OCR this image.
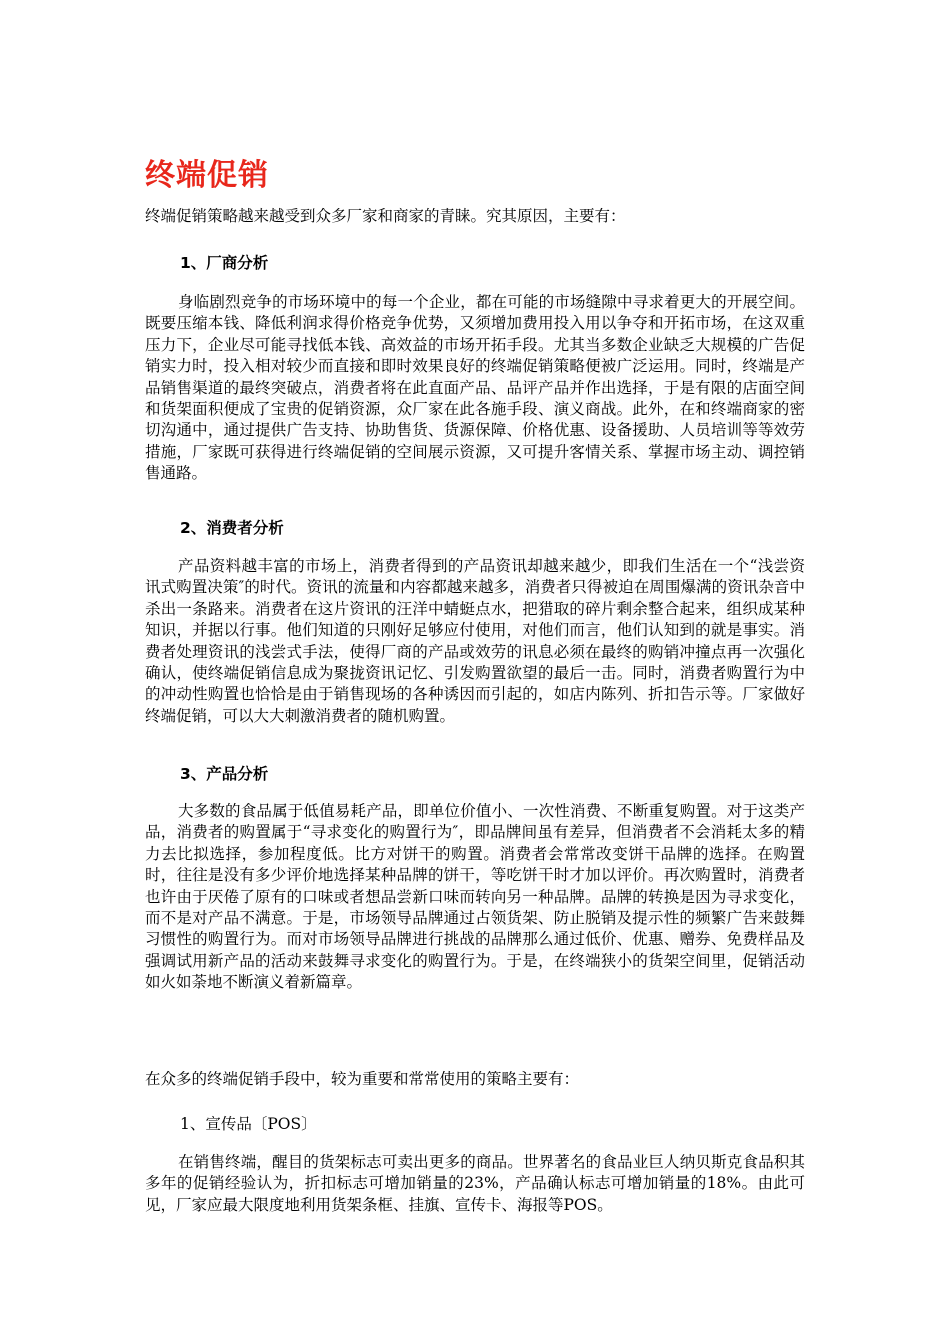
终端促销
终端促销策略越来越受到众多厂家和商家的青睐。究其原因，主要有：
1、厂商分析
身临剧烈竞争的市场环境中的每一个企业，都在可能的市场缝隙中寻求着更大的开展空间。既要压缩本钱、降低利润求得价格竞争优势，又须增加费用投入用以争夺和开拓市场，在这双重压力下，企业尽可能寻找低本钱、高效益的市场开拓手段。尤其当多数企业缺乏大规模的广告促销实力时，投入相对较少而直接和即时效果良好的终端促销策略便被广泛运用。同时，终端是产品销售渠道的最终突破点，消费者将在此直面产品、品评产品并作出选择，于是有限的店面空间和货架面积便成了宝贵的促销资源，众厂家在此各施手段、演义商战。此外，在和终端商家的密切沟通中，通过提供广告支持、协助售货、货源保障、价格优惠、设备援助、人员培训等等效劳措施，厂家既可获得进行终端促销的空间展示资源，又可提升客情关系、掌握市场主动、调控销售通路。
2、消费者分析
产品资料越丰富的市场上，消费者得到的产品资讯却越来越少，即我们生活在一个“浅尝资讯式购置决策″的时代。资讯的流量和内容都越来越多，消费者只得被迫在周围爆满的资讯杂音中杀出一条路来。消费者在这片资讯的汪洋中蜻蜓点水，把猎取的碎片剩余整合起来，组织成某种知识，并据以行事。他们知道的只刚好足够应付使用，对他们而言，他们认知到的就是事实。消费者处理资讯的浅尝式手法，使得厂商的产品或效劳的讯息必须在最终的购销冲撞点再一次强化确认，使终端促销信息成为聚拢资讯记忆、引发购置欲望的最后一击。同时，消费者购置行为中的冲动性购置也恰恰是由于销售现场的各种诱因而引起的，如店内陈列、折扣告示等。厂家做好终端促销，可以大大刺激消费者的随机购置。
3、产品分析
大多数的食品属于低值易耗产品，即单位价值小、一次性消费、不断重复购置。对于这类产品，消费者的购置属于“寻求变化的购置行为″，即品牌间虽有差异，但消费者不会消耗太多的精力去比拟选择，参加程度低。比方对饼干的购置。消费者会常常改变饼干品牌的选择。在购置时，往往是没有多少评价地选择某种品牌的饼干，等吃饼干时才加以评价。再次购置时，消费者也许由于厌倦了原有的口味或者想品尝新口味而转向另一种品牌。品牌的转换是因为寻求变化，而不是对产品不满意。于是，市场领导品牌通过占领货架、防止脱销及提示性的频繁广告来鼓舞习惯性的购置行为。而对市场领导品牌进行挑战的品牌那么通过低价、优惠、赠券、免费样品及强调试用新产品的活动来鼓舞寻求变化的购置行为。于是，在终端狭小的货架空间里，促销活动如火如荼地不断演义着新篇章。
在众多的终端促销手段中，较为重要和常常使用的策略主要有：
1、宣传品〔POS〕
在销售终端，醒目的货架标志可卖出更多的商品。世界著名的食品业巨人纳贝斯克食品积其多年的促销经验认为，折扣标志可增加销量的23%，产品确认标志可增加销量的18%。由此可见，厂家应最大限度地利用货架条框、挂旗、宣传卡、海报等POS。
